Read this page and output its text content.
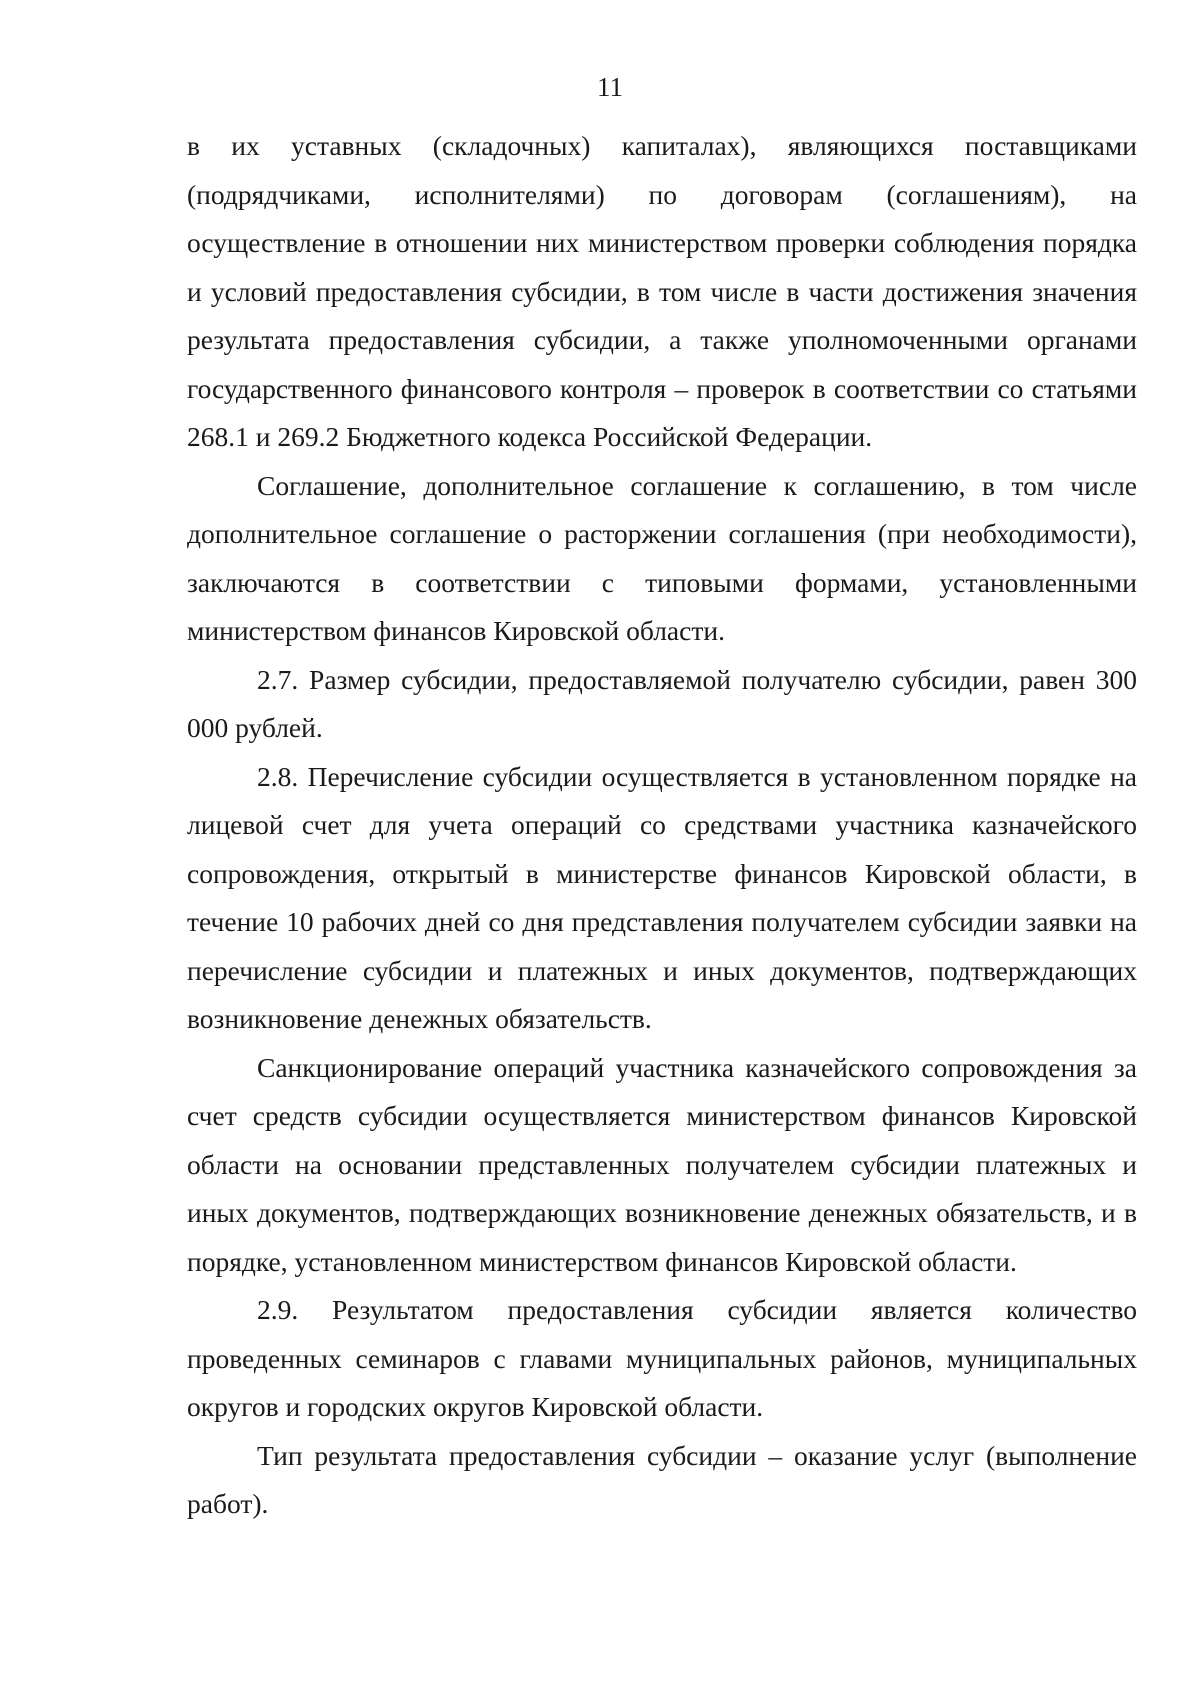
11

в их уставных (складочных) капиталах), являющихся поставщиками (подрядчиками, исполнителями) по договорам (соглашениям), на осуществление в отношении них министерством проверки соблюдения порядка и условий предоставления субсидии, в том числе в части достижения значения результата предоставления субсидии, а также уполномоченными органами государственного финансового контроля – проверок в соответствии со статьями 268.1 и 269.2 Бюджетного кодекса Российской Федерации.

Соглашение, дополнительное соглашение к соглашению, в том числе дополнительное соглашение о расторжении соглашения (при необходимости), заключаются в соответствии с типовыми формами, установленными министерством финансов Кировской области.

2.7. Размер субсидии, предоставляемой получателю субсидии, равен 300 000 рублей.

2.8. Перечисление субсидии осуществляется в установленном порядке на лицевой счет для учета операций со средствами участника казначейского сопровождения, открытый в министерстве финансов Кировской области, в течение 10 рабочих дней со дня представления получателем субсидии заявки на перечисление субсидии и платежных и иных документов, подтверждающих возникновение денежных обязательств.

Санкционирование операций участника казначейского сопровождения за счет средств субсидии осуществляется министерством финансов Кировской области на основании представленных получателем субсидии платежных и иных документов, подтверждающих возникновение денежных обязательств, и в порядке, установленном министерством финансов Кировской области.

2.9. Результатом предоставления субсидии является количество проведенных семинаров с главами муниципальных районов, муниципальных округов и городских округов Кировской области.

Тип результата предоставления субсидии – оказание услуг (выполнение работ).
